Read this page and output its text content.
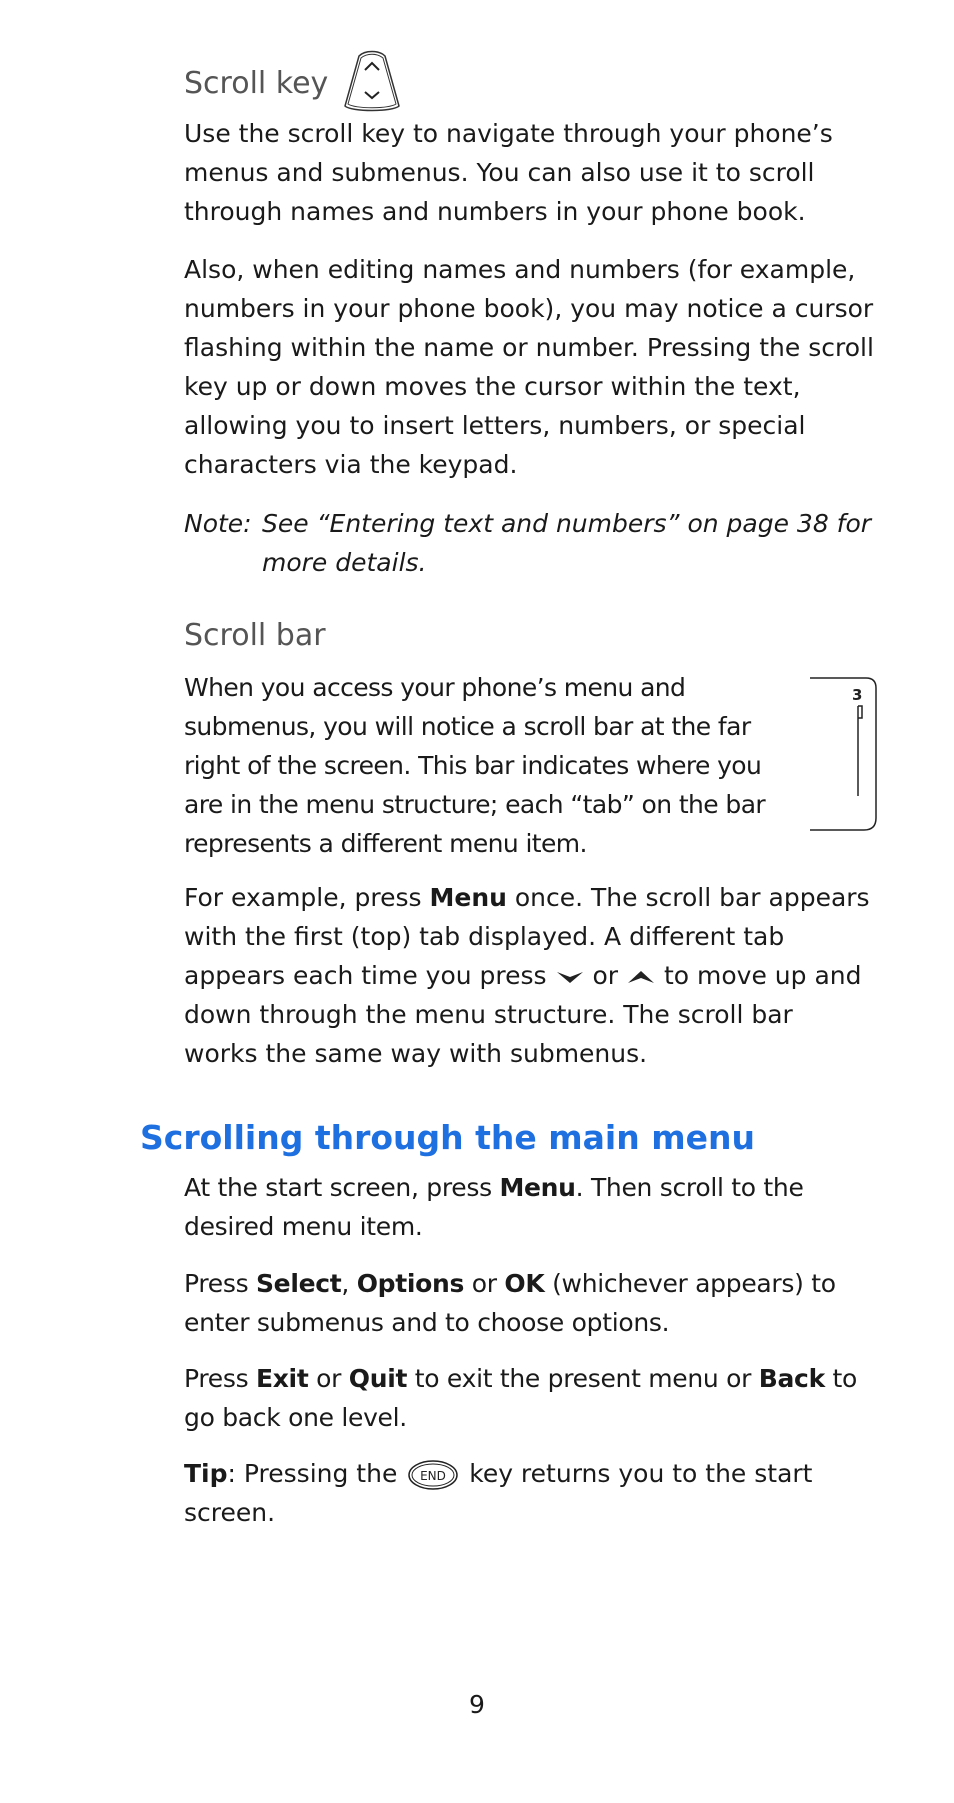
Scroll key

Use the scroll key to navigate through your phone’s menus and submenus. You can also use it to scroll through names and numbers in your phone book.

Also, when editing names and numbers (for example, numbers in your phone book), you may notice a cursor flashing within the name or number. Pressing the scroll key up or down moves the cursor within the text, allowing you to insert letters, numbers, or special characters via the keypad.

Note: See “Entering text and numbers” on page 38 for more details.
Scroll bar

When you access your phone’s menu and submenus, you will notice a scroll bar at the far right of the screen. This bar indicates where you are in the menu structure; each “tab” on the bar represents a different menu item.

3

For example, press Menu once. The scroll bar appears with the first (top) tab displayed. A different tab appears each time you press  or  to move up and down through the menu structure. The scroll bar works the same way with submenus.

Scrolling through the main menu

At the start screen, press Menu. Then scroll to the desired menu item.

Press Select, Options or OK (whichever appears) to enter submenus and to choose options.

Press Exit or Quit to exit the present menu or Back to go back one level.

Tip: Pressing the END key returns you to the start screen.

9
